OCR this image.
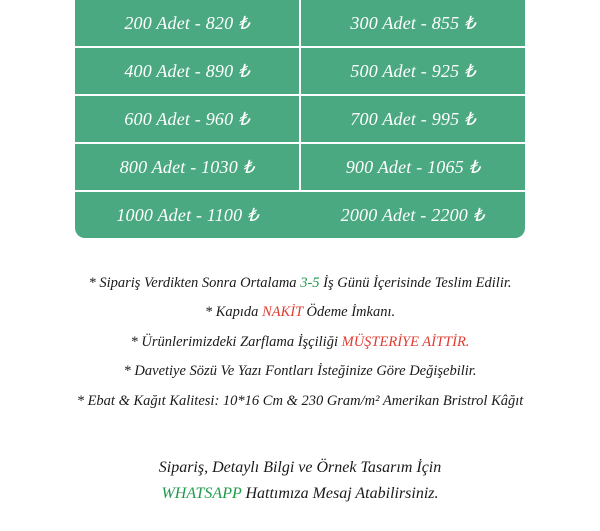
200 Adet - 820 ₺	300 Adet - 855 ₺
400 Adet - 890 ₺	500 Adet - 925 ₺
600 Adet - 960 ₺	700 Adet - 995 ₺
800 Adet - 1030 ₺	900 Adet - 1065 ₺
1000 Adet - 1100 ₺	2000 Adet - 2200 ₺

* Sipariş Verdikten Sonra Ortalama 3-5 İş Günü İçerisinde Teslim Edilir.

* Kapıda NAKİT Ödeme İmkanı.

* Ürünlerimizdeki Zarflama İşçiliği MÜŞTERİYE AİTTİR.

* Davetiye Sözü Ve Yazı Fontları İsteğinize Göre Değişebilir.

* Ebat & Kağıt Kalitesi: 10*16 Cm & 230 Gram/m² Amerikan Bristrol Kâğıt

Sipariş, Detaylı Bilgi ve Örnek Tasarım İçin

WHATSAPP Hattımıza Mesaj Atabilirsiniz.
